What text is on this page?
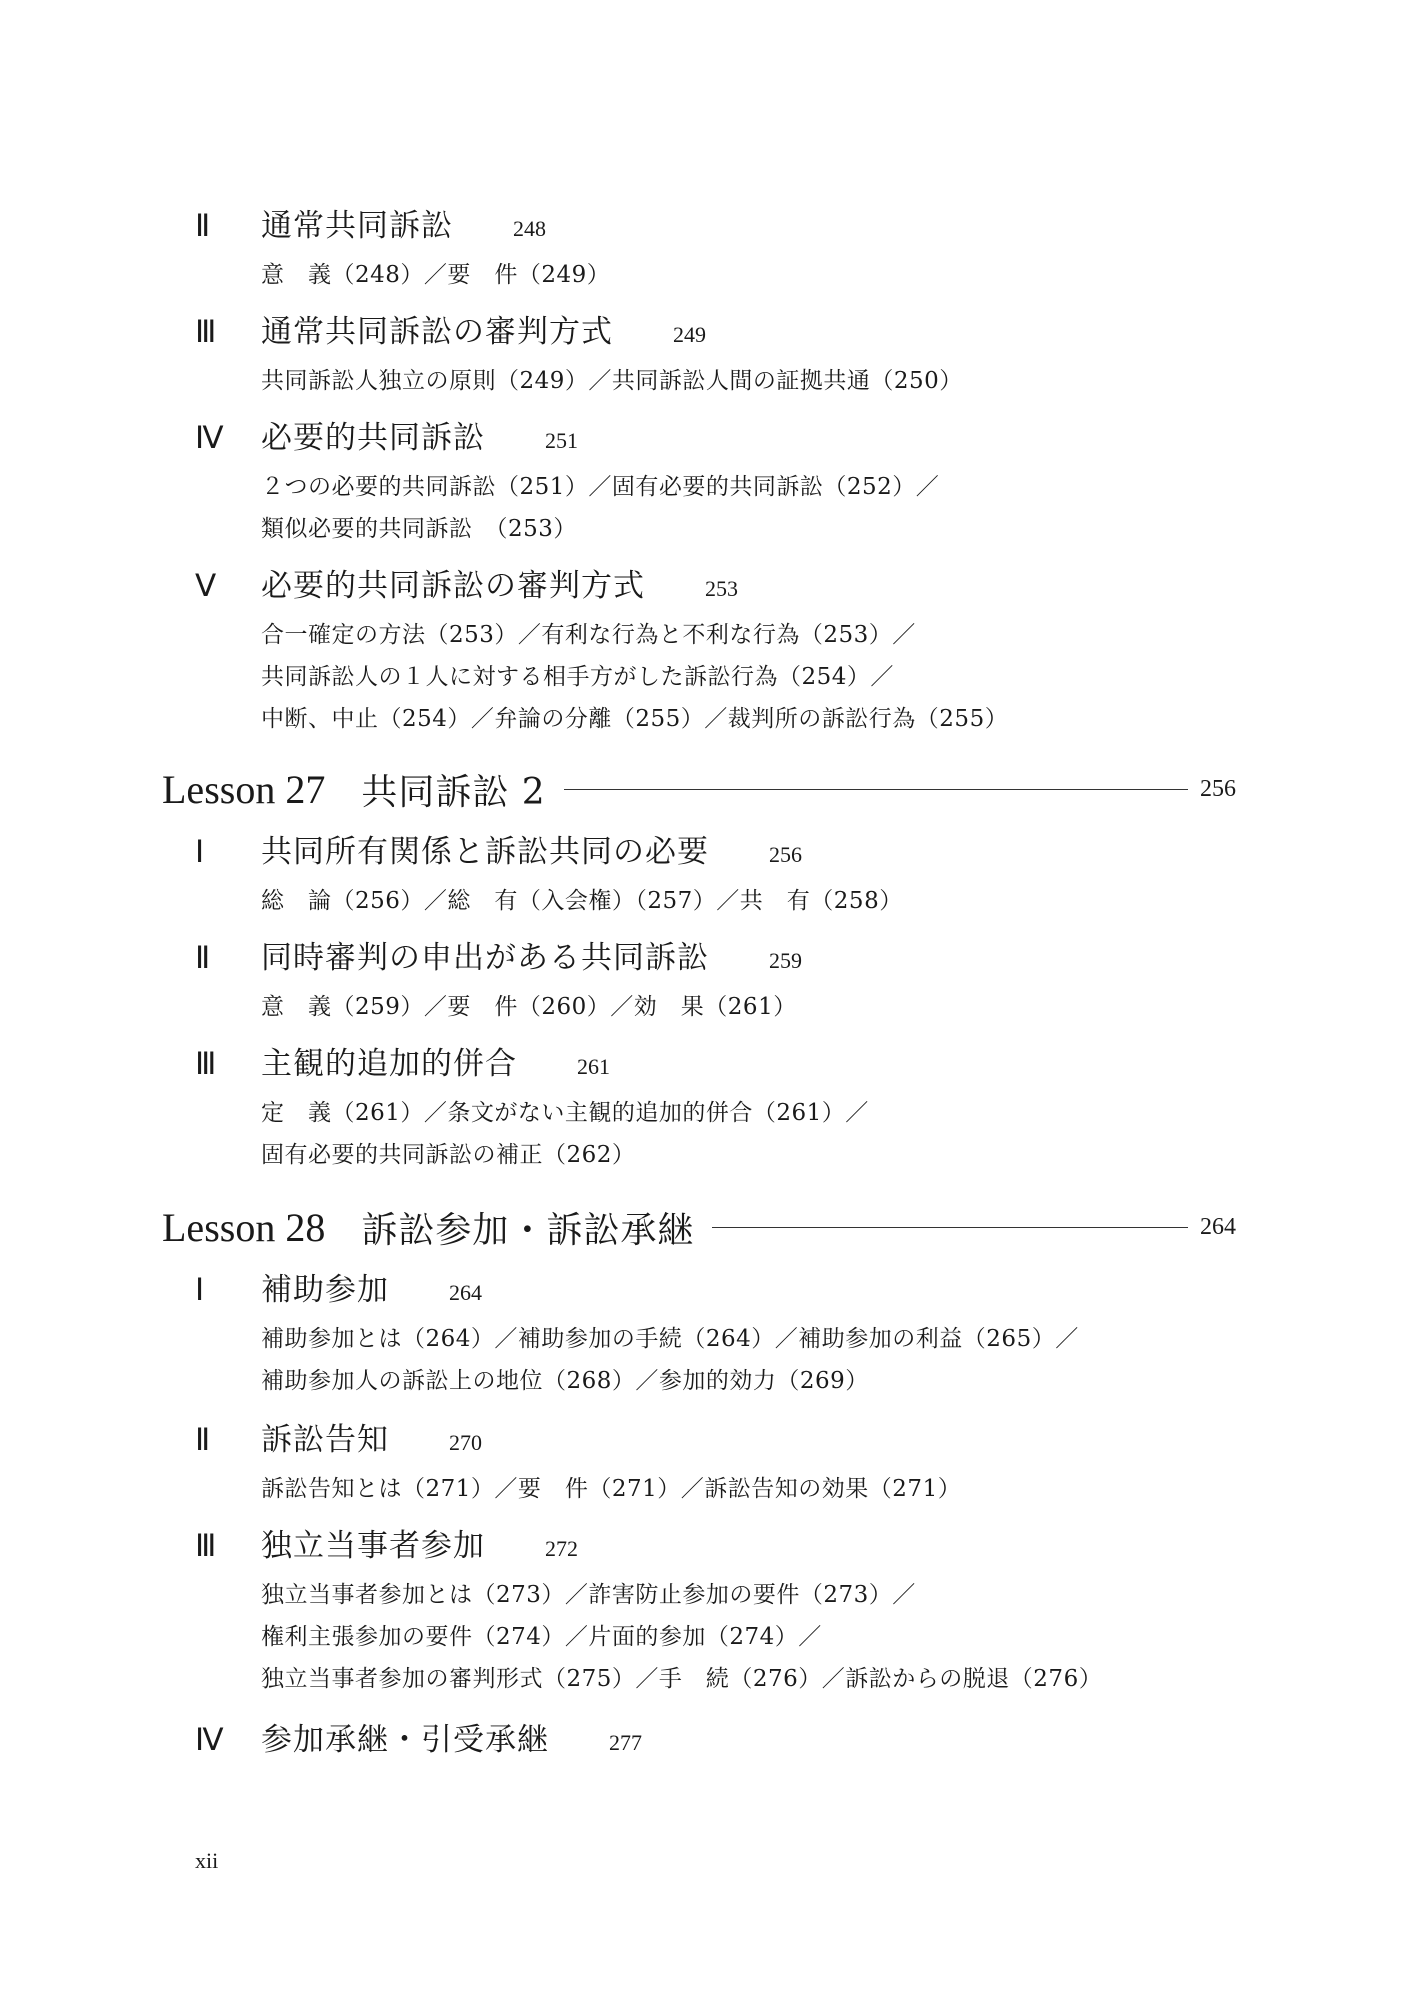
Ⅱ	通常共同訴訟	248
意　義（248）／要　件（249）
Ⅲ	通常共同訴訟の審判方式	249
共同訴訟人独立の原則（249）／共同訴訟人間の証拠共通（250）
Ⅳ	必要的共同訴訟	251
２つの必要的共同訴訟（251）／固有必要的共同訴訟（252）／
類似必要的共同訴訟　（253）
Ⅴ	必要的共同訴訟の審判方式	253
合一確定の方法（253）／有利な行為と不利な行為（253）／
共同訴訟人の１人に対する相手方がした訴訟行為（254）／
中断、中止（254）／弁論の分離（255）／裁判所の訴訟行為（255）
Lesson 27 共同訴訟 2	256
Ⅰ	共同所有関係と訴訟共同の必要	256
総　論（256）／総　有（入会権）（257）／共　有（258）
Ⅱ	同時審判の申出がある共同訴訟	259
意　義（259）／要　件（260）／効　果（261）
Ⅲ	主観的追加的併合	261
定　義（261）／条文がない主観的追加的併合（261）／
固有必要的共同訴訟の補正（262）
Lesson 28 訴訟参加・訴訟承継	264
Ⅰ	補助参加	264
補助参加とは（264）／補助参加の手続（264）／補助参加の利益（265）／
補助参加人の訴訟上の地位（268）／参加的効力（269）
Ⅱ	訴訟告知	270
訴訟告知とは（271）／要　件（271）／訴訟告知の効果（271）
Ⅲ	独立当事者参加	272
独立当事者参加とは（273）／詐害防止参加の要件（273）／
権利主張参加の要件（274）／片面的参加（274）／
独立当事者参加の審判形式（275）／手　続（276）／訴訟からの脱退（276）
Ⅳ	参加承継・引受承継	277
xii
